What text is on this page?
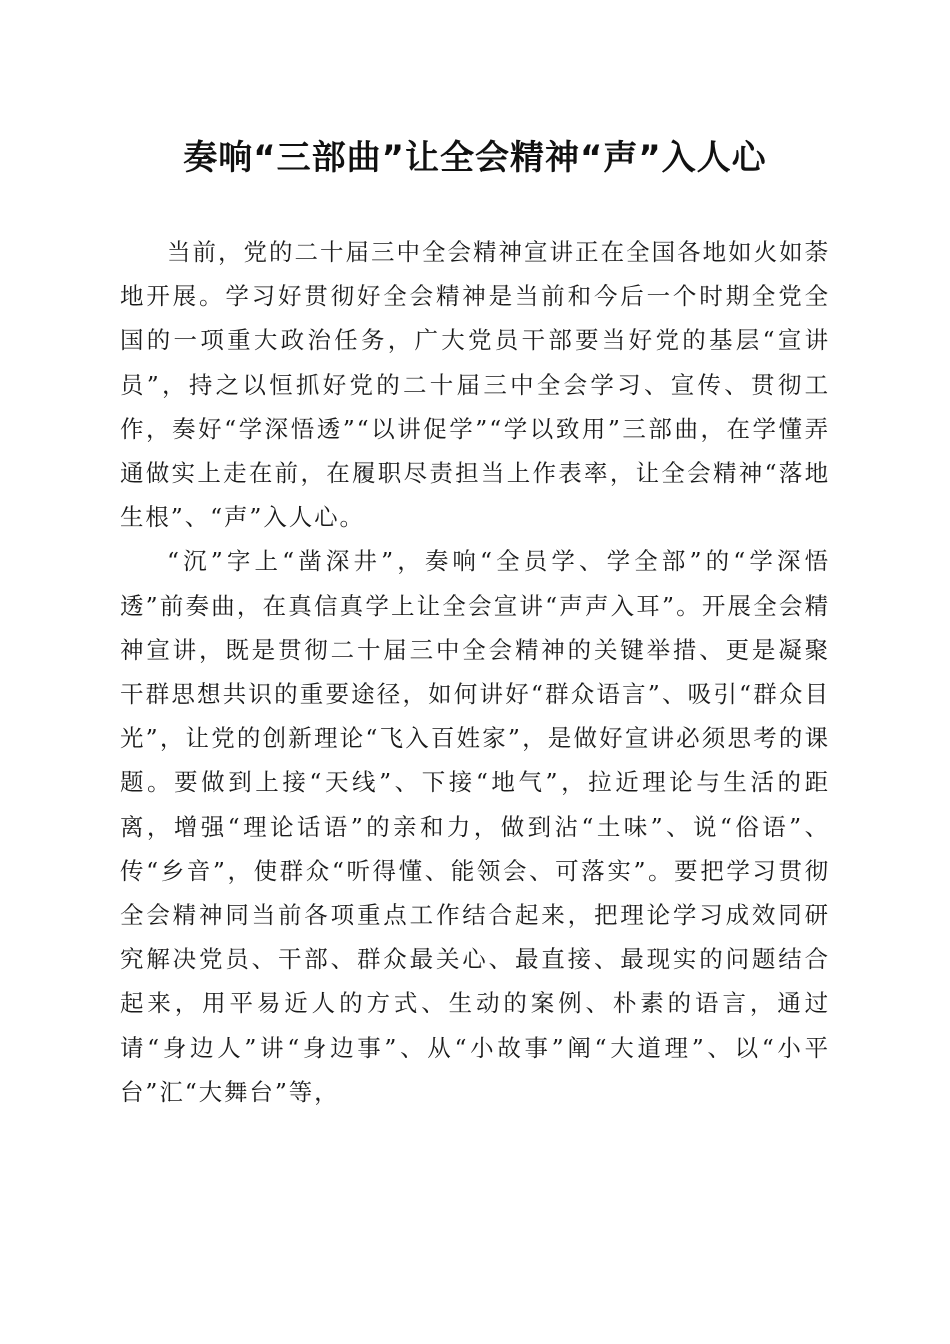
奏响“三部曲”让全会精神“声”入人心

当前，党的二十届三中全会精神宣讲正在全国各地如火如荼地开展。学习好贯彻好全会精神是当前和今后一个时期全党全国的一项重大政治任务，广大党员干部要当好党的基层“宣讲员”，持之以恒抓好党的二十届三中全会学习、宣传、贯彻工作，奏好“学深悟透”“以讲促学”“学以致用”三部曲，在学懂弄通做实上走在前，在履职尽责担当上作表率，让全会精神“落地生根”、“声”入人心。

“沉”字上“凿深井”，奏响“全员学、学全部”的“学深悟透”前奏曲，在真信真学上让全会宣讲“声声入耳”。开展全会精神宣讲，既是贯彻二十届三中全会精神的关键举措、更是凝聚干群思想共识的重要途径，如何讲好“群众语言”、吸引“群众目光”，让党的创新理论“飞入百姓家”，是做好宣讲必须思考的课题。要做到上接“天线”、下接“地气”，拉近理论与生活的距离，增强“理论话语”的亲和力，做到沾“土味”、说“俗语”、传“乡音”，使群众“听得懂、能领会、可落实”。要把学习贯彻全会精神同当前各项重点工作结合起来，把理论学习成效同研究解决党员、干部、群众最关心、最直接、最现实的问题结合起来，用平易近人的方式、生动的案例、朴素的语言，通过请“身边人”讲“身边事”、从“小故事”阐“大道理”、以“小平台”汇“大舞台”等，
